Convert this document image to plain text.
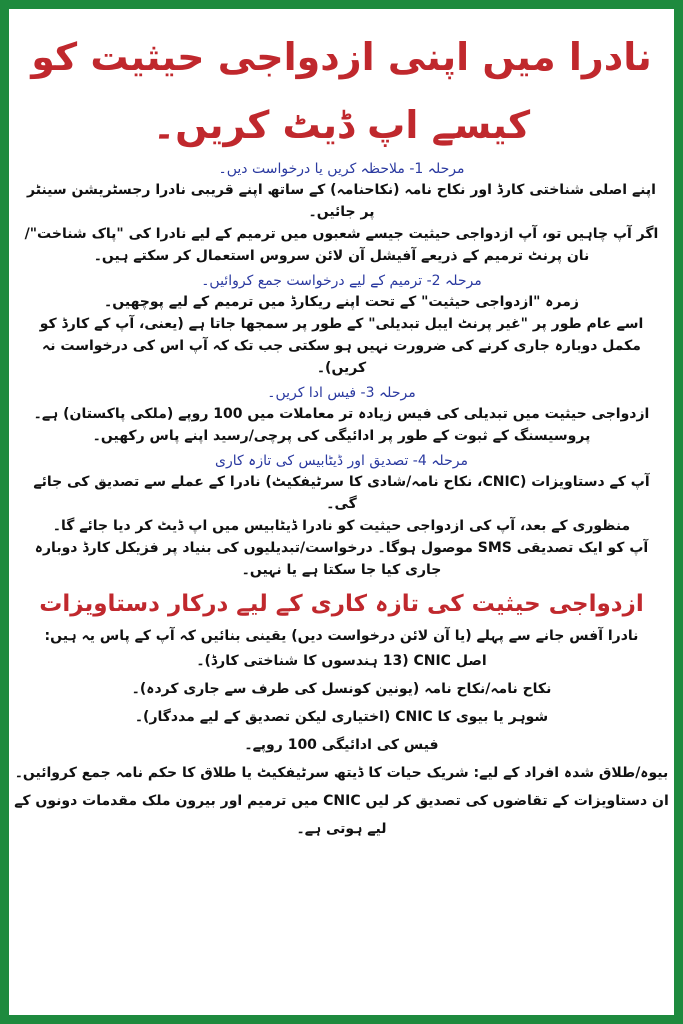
نادرا میں اپنی ازدواجی حیثیت کو کیسے اپ ڈیٹ کریں۔

مرحلہ 1- ملاحظہ کریں یا درخواست دیں۔

اپنے اصلی شناختی کارڈ اور نکاح نامہ (نکاحنامہ) کے ساتھ اپنے قریبی نادرا رجسٹریشن سینٹر پر جائیں۔

اگر آپ چاہیں تو، آپ ازدواجی حیثیت جیسے شعبوں میں ترمیم کے لیے نادرا کی "پاک شناخت"/نان پرنٹ ترمیم کے ذریعے آفیشل آن لائن سروس استعمال کر سکتے ہیں۔

مرحلہ 2- ترمیم کے لیے درخواست جمع کروائیں۔

زمرہ "ازدواجی حیثیت" کے تحت اپنے ریکارڈ میں ترمیم کے لیے پوچھیں۔

اسے عام طور پر "غیر پرنٹ ایبل تبدیلی" کے طور پر سمجھا جاتا ہے (یعنی، آپ کے کارڈ کو مکمل دوبارہ جاری کرنے کی ضرورت نہیں ہو سکتی جب تک کہ آپ اس کی درخواست نہ کریں)۔

مرحلہ 3- فیس ادا کریں۔

ازدواجی حیثیت میں تبدیلی کی فیس زیادہ تر معاملات میں 100 روپے (ملکی پاکستان) ہے۔

پروسیسنگ کے ثبوت کے طور پر ادائیگی کی پرچی/رسید اپنے پاس رکھیں۔

مرحلہ 4- تصدیق اور ڈیٹابیس کی تازہ کاری

آپ کے دستاویزات (CNIC، نکاح نامہ/شادی کا سرٹیفکیٹ) نادرا کے عملے سے تصدیق کی جائے گی۔

منظوری کے بعد، آپ کی ازدواجی حیثیت کو نادرا ڈیٹابیس میں اپ ڈیٹ کر دیا جائے گا۔

آپ کو ایک تصدیقی SMS موصول ہوگا۔ درخواست/تبدیلیوں کی بنیاد پر فزیکل کارڈ دوبارہ جاری کیا جا سکتا ہے یا نہیں۔

ازدواجی حیثیت کی تازہ کاری کے لیے درکار دستاویزات

نادرا آفس جانے سے پہلے (یا آن لائن درخواست دیں) یقینی بنائیں کہ آپ کے پاس یہ ہیں:

اصل CNIC (13 ہندسوں کا شناختی کارڈ)۔
نکاح نامہ/نکاح نامہ (یونین کونسل کی طرف سے جاری کردہ)۔
شوہر یا بیوی کا CNIC (اختیاری لیکن تصدیق کے لیے مددگار)۔
فیس کی ادائیگی 100 روپے۔
بیوہ/طلاق شدہ افراد کے لیے: شریک حیات کا ڈیتھ سرٹیفکیٹ یا طلاق کا حکم نامہ جمع کروائیں۔
ان دستاویزات کے تقاضوں کی تصدیق کر لیں CNIC میں ترمیم اور بیرون ملک مقدمات دونوں کے لیے ہوتی ہے۔
